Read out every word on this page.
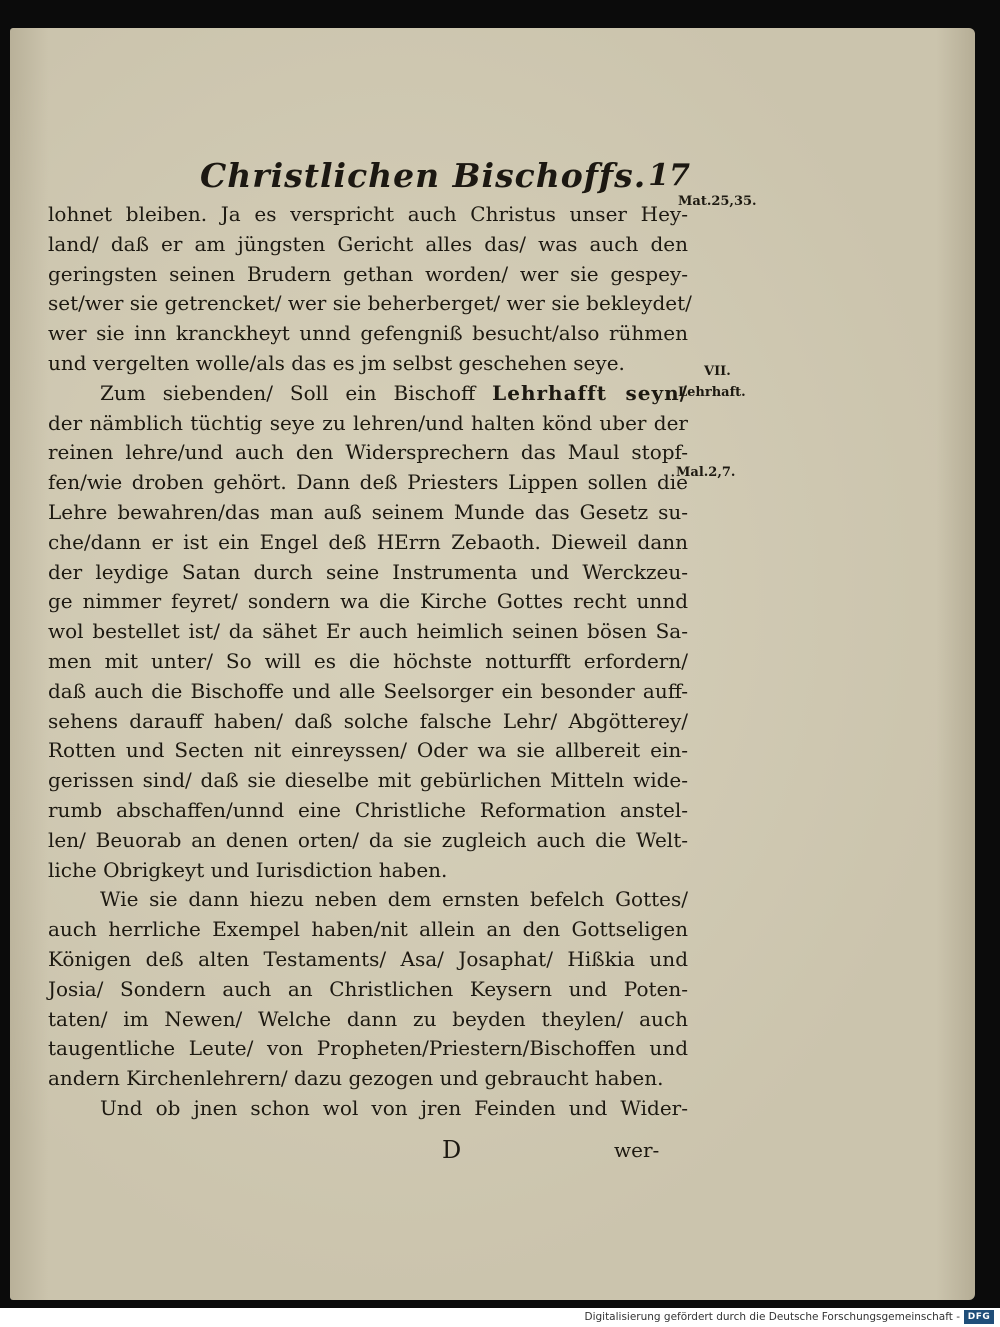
Christlichen Bischoffs. 17
lohnet bleiben. Ja es verspricht auch Christus unser Hey-
land/ daß er am jüngsten Gericht alles das/ was auch den
geringsten seinen Brudern gethan worden/ wer sie gespey-
set/wer sie getrencket/ wer sie beherberget/ wer sie bekleydet/
wer sie inn kranckheyt unnd gefengniß besucht/also rühmen
und vergelten wolle/als das es jm selbst geschehen seye.
Zum siebenden/ Soll ein Bischoff Lehrhafft seyn/
der nämblich tüchtig seye zu lehren/und halten könd uber der
reinen lehre/und auch den Widersprechern das Maul stopf-
fen/wie droben gehört. Dann deß Priesters Lippen sollen die
Lehre bewahren/das man auß seinem Munde das Gesetz su-
che/dann er ist ein Engel deß HErrn Zebaoth. Dieweil dann
der leydige Satan durch seine Instrumenta und Werckzeu-
ge nimmer feyret/ sondern wa die Kirche Gottes recht unnd
wol bestellet ist/ da sähet Er auch heimlich seinen bösen Sa-
men mit unter/ So will es die höchste notturfft erfordern/
daß auch die Bischoffe und alle Seelsorger ein besonder auff-
sehens darauff haben/ daß solche falsche Lehr/ Abgötterey/
Rotten und Secten nit einreyssen/ Oder wa sie allbereit ein-
gerissen sind/ daß sie dieselbe mit gebürlichen Mitteln wide-
rumb abschaffen/unnd eine Christliche Reformation anstel-
len/ Beuorab an denen orten/ da sie zugleich auch die Welt-
liche Obrigkeyt und Iurisdiction haben.
Wie sie dann hiezu neben dem ernsten befelch Gottes/
auch herrliche Exempel haben/nit allein an den Gottseligen
Königen deß alten Testaments/ Asa/ Josaphat/ Hißkia und
Josia/ Sondern auch an Christlichen Keysern und Poten-
taten/ im Newen/ Welche dann zu beyden theylen/ auch
taugentliche Leute/ von Propheten/Priestern/Bischoffen und
andern Kirchenlehrern/ dazu gezogen und gebraucht haben.
Und ob jnen schon wol von jren Feinden und Wider-
Mat.25,35.
VII.
Lehrhaft.
Mal.2,7.
D	wer-
Digitalisierung gefördert durch die Deutsche Forschungsgemeinschaft - DFG
